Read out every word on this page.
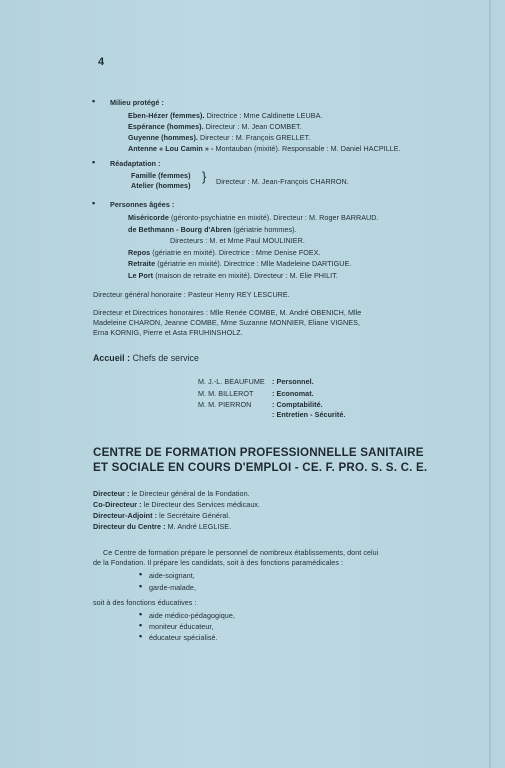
4
• Milieu protégé :
Eben-Hézer (femmes). Directrice : Mme Caldinette LEUBA.
Espérance (hommes). Directeur : M. Jean COMBET.
Guyenne (hommes). Directeur : M. François GRELLET.
Antenne « Lou Camin » - Montauban (mixité). Responsable : M. Daniel HACPILLE.
• Réadaptation :
Famille (femmes)
Atelier (hommes)
} Directeur : M. Jean-François CHARRON.
• Personnes âgées :
Miséricorde (géronto-psychiatrie en mixité). Directeur : M. Roger BARRAUD.
de Bethmann - Bourg d'Abren (gériatrie hommes).
Directeurs : M. et Mme Paul MOULINIER.
Repos (gériatrie en mixité). Directrice : Mme Denise FOEX.
Retraite (gériatrie en mixité). Directrice : Mlle Madeleine DARTIGUE.
Le Port (maison de retraite en mixité). Directeur : M. Elie PHILIT.
Directeur général honoraire : Pasteur Henry REY LESCURE.
Directeur et Directrices honoraires : Mlle Renée COMBE, M. André OBENICH, Mlle
Madeleine CHARON, Jeanne COMBE, Mme Suzanne MONNIER, Eliane VIGNES,
Erna KORNIG, Pierre et Asta FRUHINSHOLZ.
Accueil : Chefs de service
M. J.-L. BEAUFUME : Personnel.
M. M. BILLEROT	: Economat.
M. M. PIERRON	: Comptabilité.
: Entretien - Sécurité.
CENTRE DE FORMATION PROFESSIONNELLE SANITAIRE
ET SOCIALE EN COURS D'EMPLOI - CE. F. PRO. S. S. C. E.
Directeur : le Directeur général de la Fondation.
Co-Directeur : le Directeur des Services médicaux.
Directeur-Adjoint : le Secrétaire Général.
Directeur du Centre : M. André LEGLISE.
Ce Centre de formation prépare le personnel de nombreux établissements, dont celui
de la Fondation. Il prépare les candidats, soit à des fonctions paramédicales :
• aide-soignant,
• garde-malade,
soit à des fonctions éducatives :
• aide médico-pédagogique,
• moniteur éducateur,
• éducateur spécialisé.
